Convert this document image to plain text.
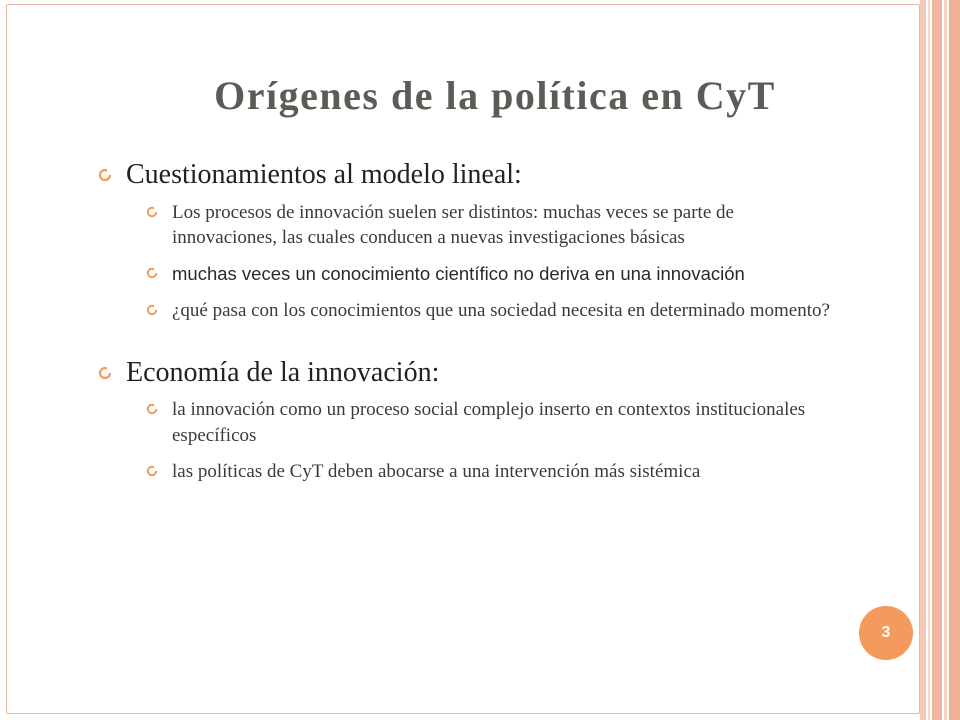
Orígenes de la política en CyT
Cuestionamientos al modelo lineal:
Los procesos de innovación suelen ser distintos: muchas veces se parte de innovaciones, las cuales conducen a nuevas investigaciones básicas
muchas veces un conocimiento científico no deriva en una innovación
¿qué pasa con los conocimientos que una sociedad necesita en determinado momento?
Economía de la innovación:
la innovación como un proceso social complejo inserto en contextos institucionales específicos
las políticas de CyT deben abocarse a una intervención más sistémica
3
